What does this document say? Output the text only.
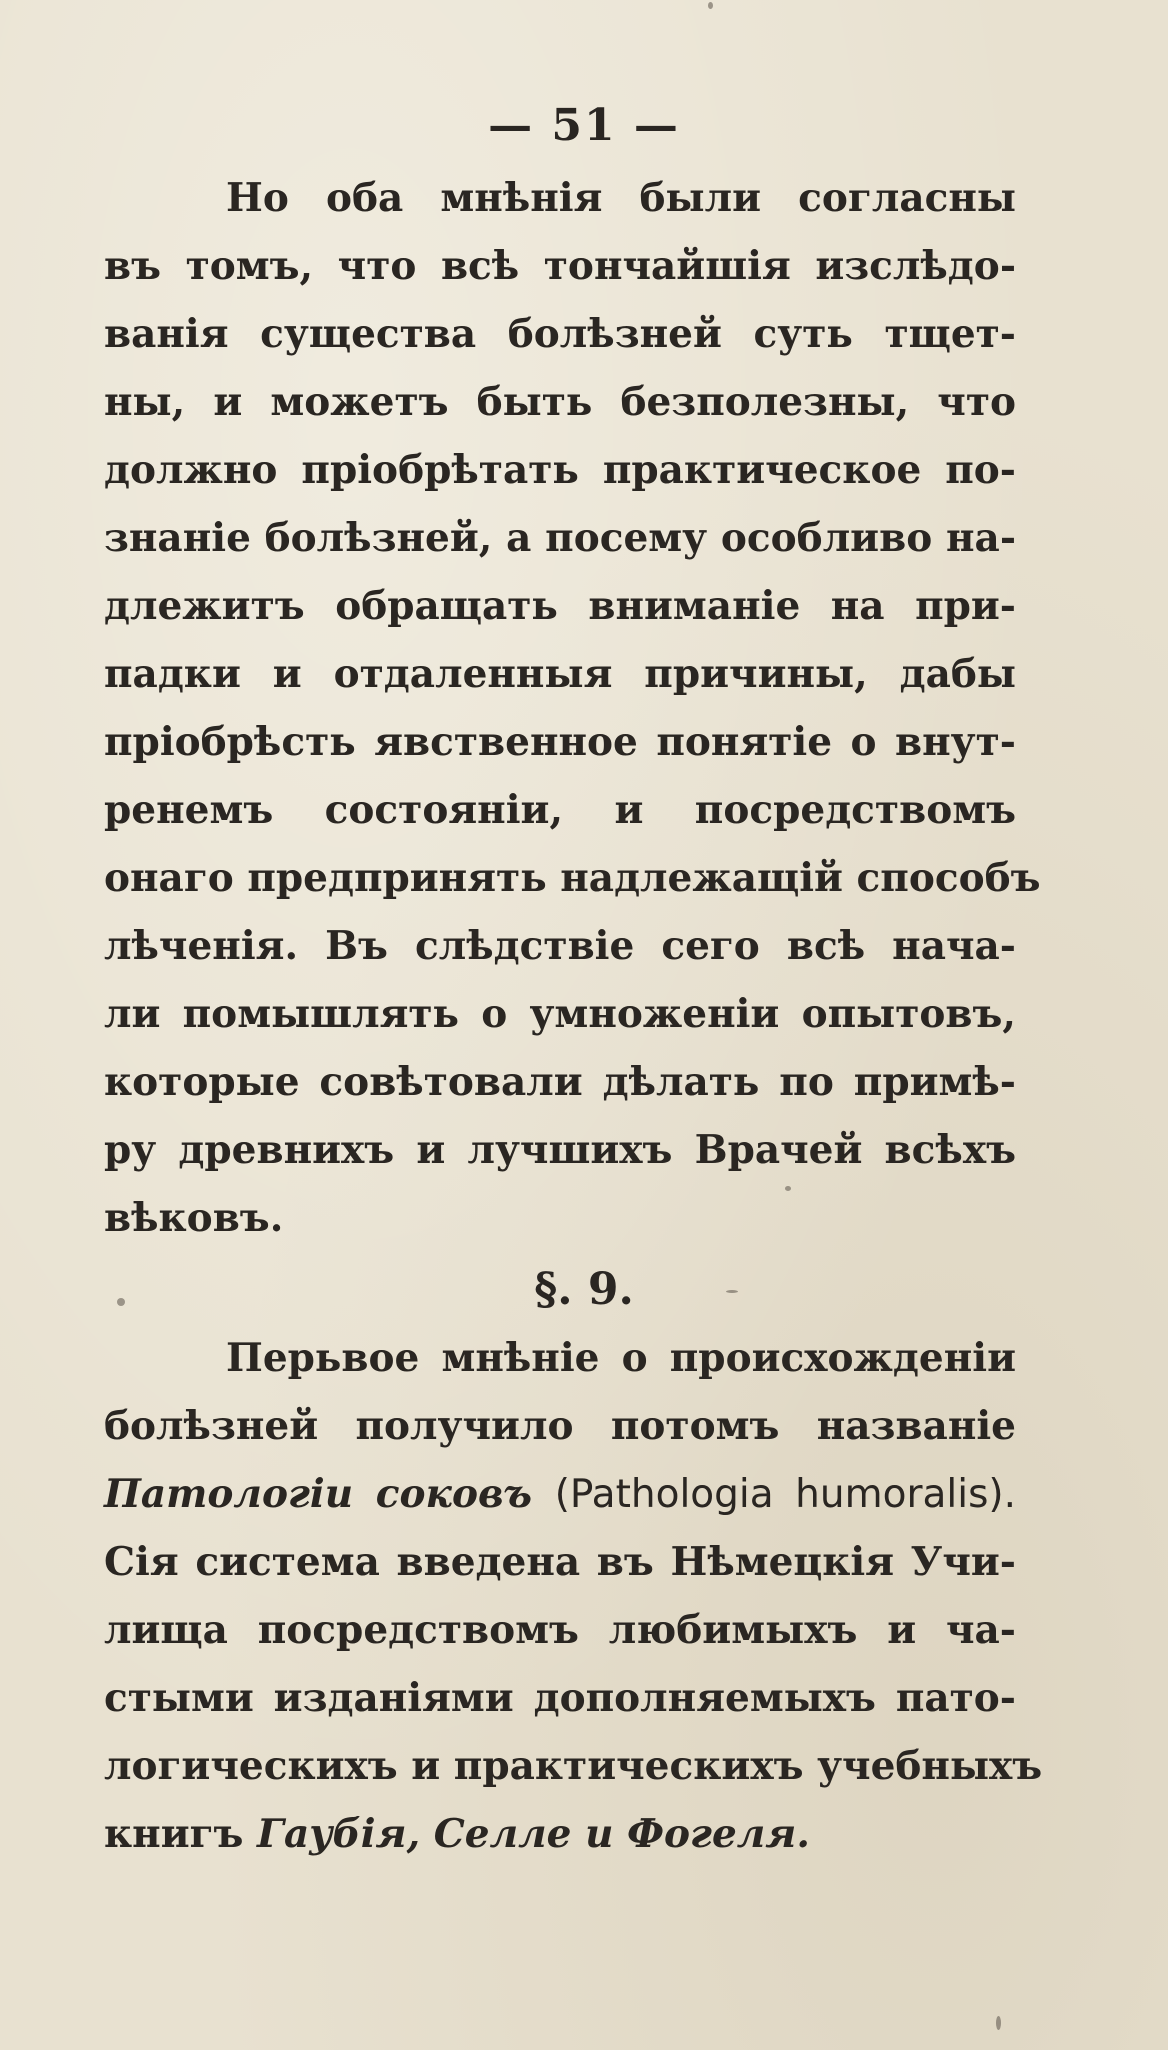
— 51 —
Но оба мнѣнія были согласны
въ томъ, что всѣ тончайшія изслѣдо‑
ванія существа болѣзней суть тщет‑
ны, и можетъ быть безполезны, что
должно пріобрѣтать практическое по‑
знаніе болѣзней, а посему особливо на‑
длежитъ обращать вниманіе на при‑
падки и отдаленныя причины, дабы
пріобрѣсть явственное понятіе о внут‑
ренемъ состояніи, и посредствомъ
онаго предпринять надлежащій способъ
лѣченія. Въ слѣдствіе сего всѣ нача‑
ли помышлять о умноженіи опытовъ,
которые совѣтовали дѣлать по примѣ‑
ру древнихъ и лучшихъ Врачей всѣхъ
вѣковъ.
§. 9.
Перьвое мнѣніе о происхожденіи
болѣзней получило потомъ названіе
Патологіи соковъ (Pathologia humoralis).
Сія система введена въ Нѣмецкія Учи‑
лища посредствомъ любимыхъ и ча‑
стыми изданіями дополняемыхъ пато‑
логическихъ и практическихъ учебныхъ
книгъ Гаубія, Селле и Фогеля.
